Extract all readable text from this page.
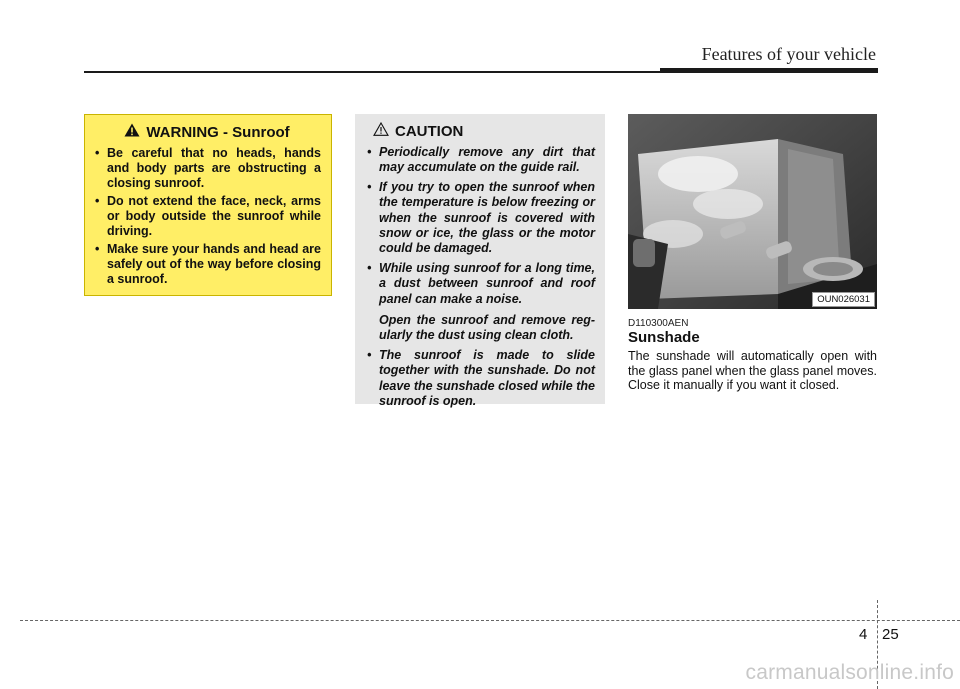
Features of your vehicle
WARNING - Sunroof
• Be careful that no heads, hands and body parts are obstructing a closing sunroof.
• Do not extend the face, neck, arms or body outside the sunroof while driving.
• Make sure your hands and head are safely out of the way before closing a sunroof.
CAUTION
• Periodically remove any dirt that may accumulate on the guide rail.
• If you try to open the sunroof when the temperature is below freezing or when the sunroof is covered with snow or ice, the glass or the motor could be damaged.
• While using sunroof for a long time, a dust between sunroof and roof panel can make a noise.
Open the sunroof and remove reg-ularly the dust using clean cloth.
• The sunroof is made to slide together with the sunshade. Do not leave the sunshade closed while the sunroof is open.
OUN026031
D110300AEN
Sunshade

The sunshade will automatically open with the glass panel when the glass panel moves. Close it manually if you want it closed.

4 25
carmanualsonline.info
